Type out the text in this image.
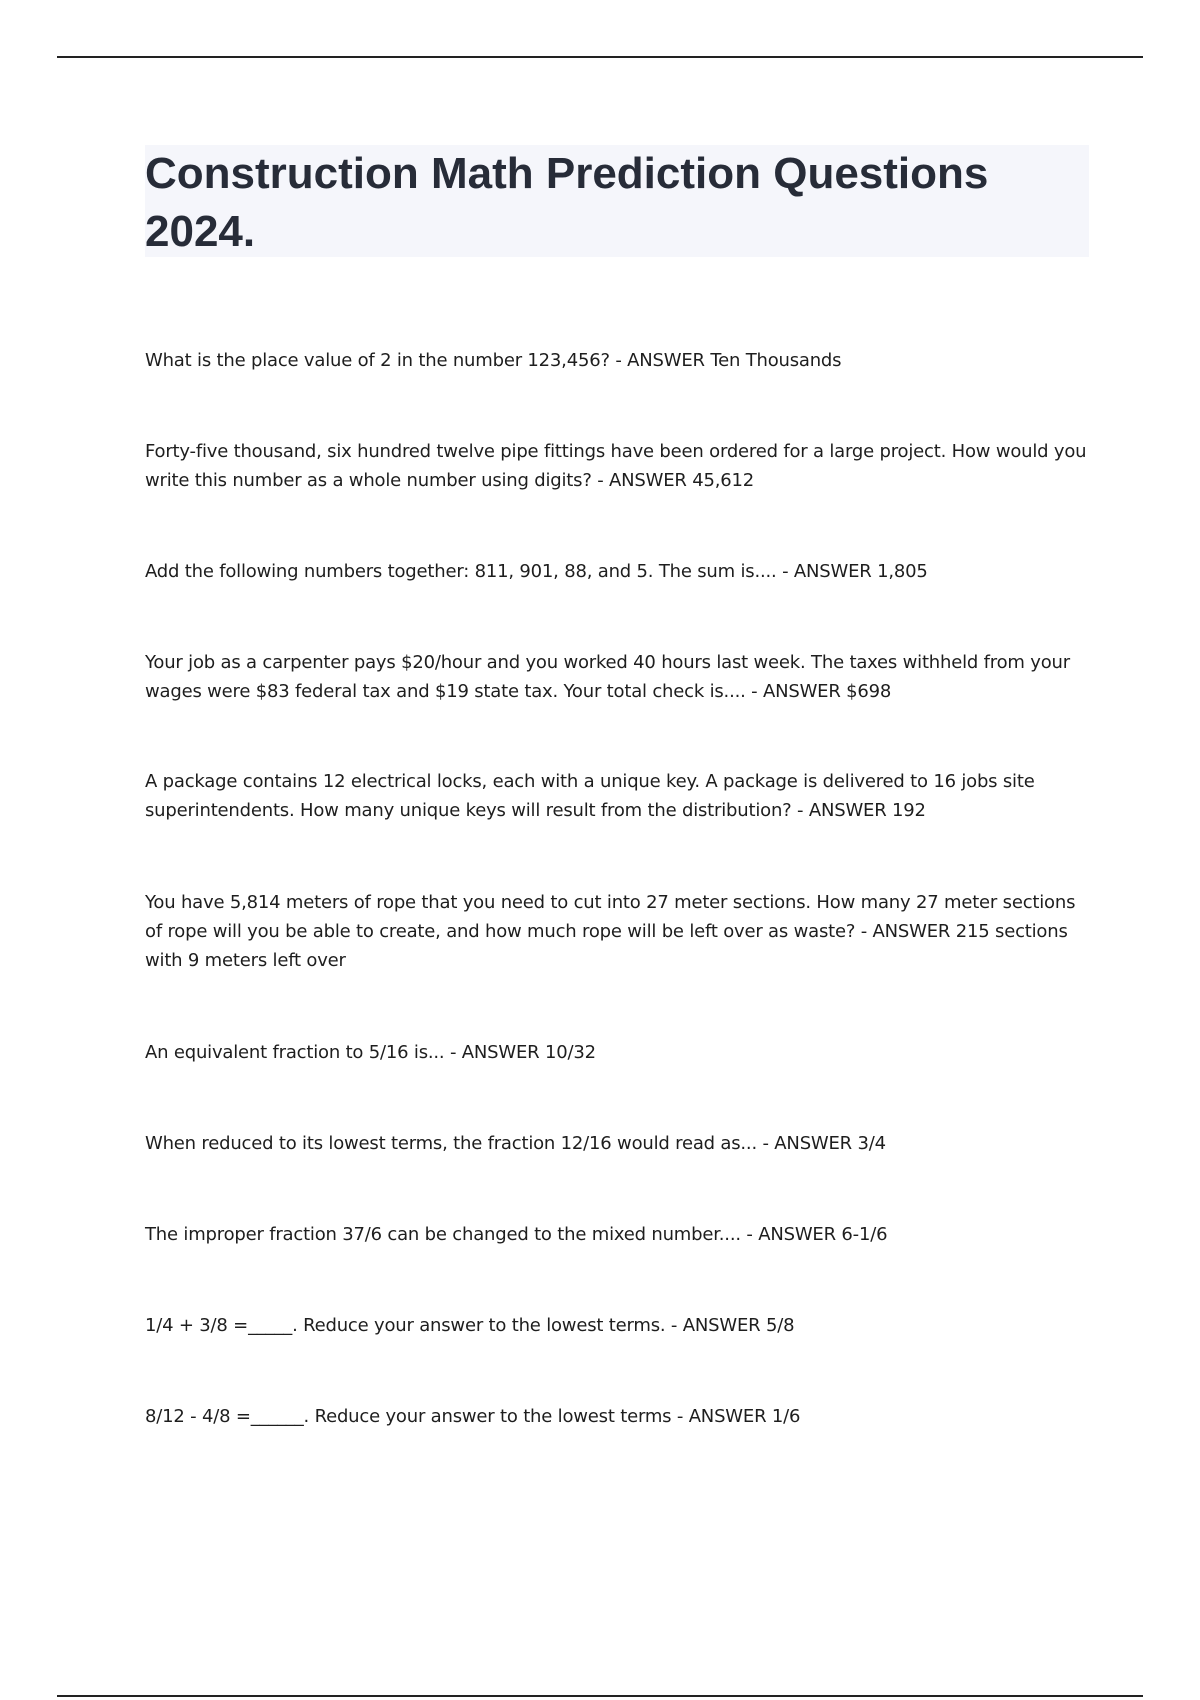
Construction Math Prediction Questions 2024.
What is the place value of 2 in the number 123,456? - ANSWER Ten Thousands
Forty-five thousand, six hundred twelve pipe fittings have been ordered for a large project. How would you write this number as a whole number using digits? - ANSWER 45,612
Add the following numbers together: 811, 901, 88, and 5. The sum is.... - ANSWER 1,805
Your job as a carpenter pays $20/hour and you worked 40 hours last week. The taxes withheld from your wages were $83 federal tax and $19 state tax. Your total check is.... - ANSWER $698
A package contains 12 electrical locks, each with a unique key. A package is delivered to 16 jobs site superintendents. How many unique keys will result from the distribution? - ANSWER 192
You have 5,814 meters of rope that you need to cut into 27 meter sections. How many 27 meter sections of rope will you be able to create, and how much rope will be left over as waste? - ANSWER 215 sections with 9 meters left over
An equivalent fraction to 5/16 is... - ANSWER 10/32
When reduced to its lowest terms, the fraction 12/16 would read as... - ANSWER 3/4
The improper fraction 37/6 can be changed to the mixed number.... - ANSWER 6-1/6
1/4 + 3/8 =_____. Reduce your answer to the lowest terms. - ANSWER 5/8
8/12 - 4/8 =______. Reduce your answer to the lowest terms - ANSWER 1/6
